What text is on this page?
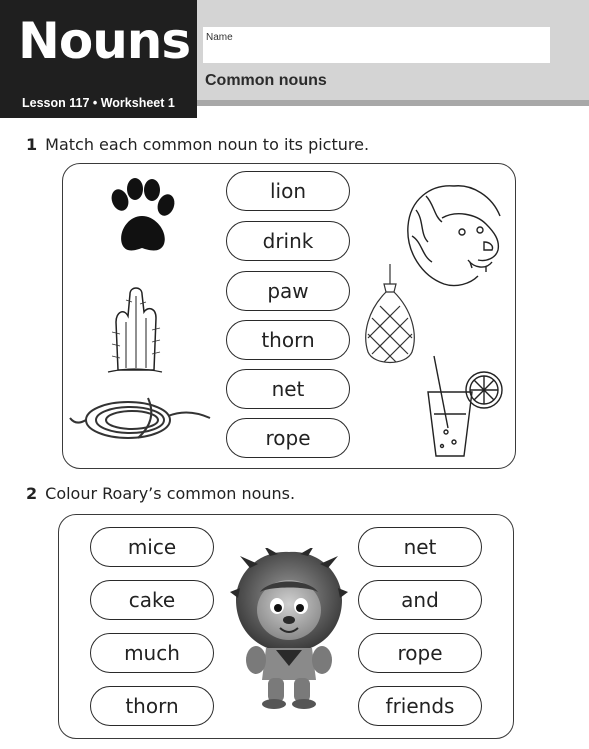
Nouns
Lesson 117 • Worksheet 1
Name
Common nouns
1 Match each common noun to its picture.
lion
drink
paw
thorn
net
rope
2 Colour Roary’s common nouns.
mice
cake
much
thorn
net
and
rope
friends
